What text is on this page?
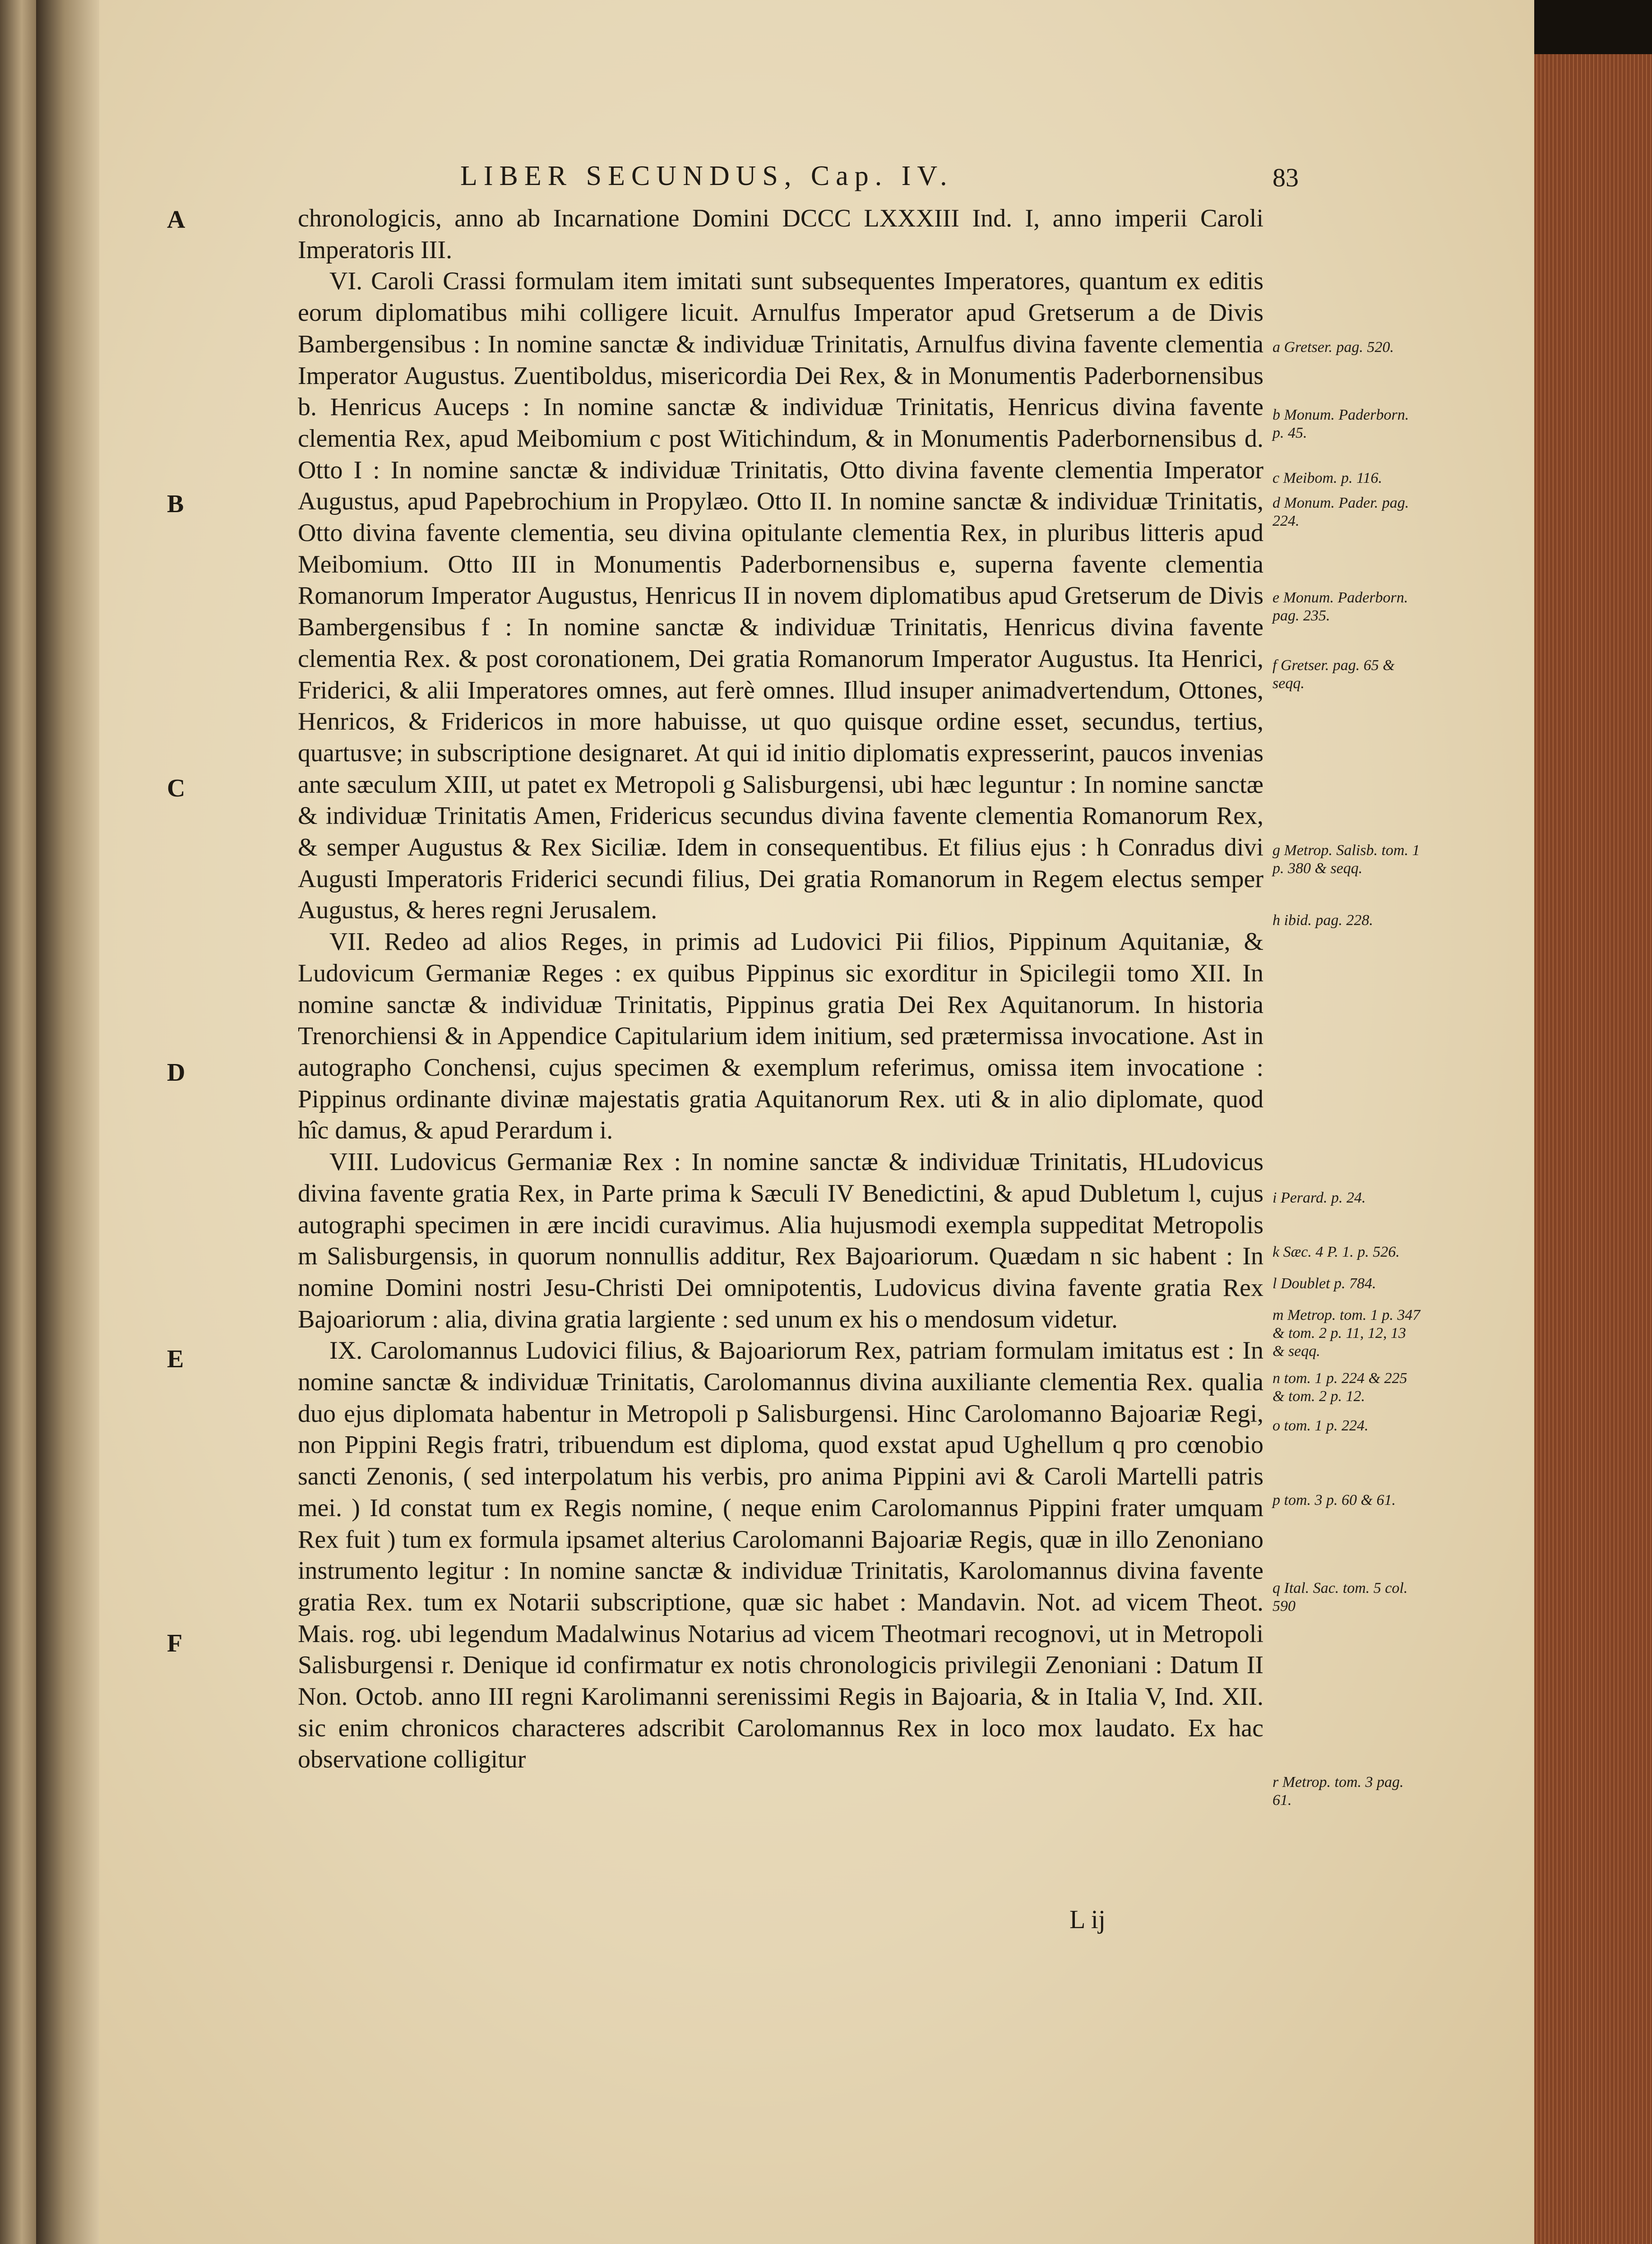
LIBER SECUNDUS, Cap. IV.	83
A
B
C
D
E
F

chronologicis, anno ab Incarnatione Domini DCCC LXXXIII Ind. I, anno imperii Caroli Imperatoris III.

VI. Caroli Crassi formulam item imitati sunt subsequentes Imperatores, quantum ex editis eorum diplomatibus mihi colligere licuit. Arnulfus Imperator apud Gretserum a de Divis Bambergensibus : In nomine sanctæ & individuæ Trinitatis, Arnulfus divina favente clementia Imperator Augustus. Zuentiboldus, misericordia Dei Rex, & in Monumentis Paderbornensibus b. Henricus Auceps : In nomine sanctæ & individuæ Trinitatis, Henricus divina favente clementia Rex, apud Meibomium c post Witichindum, & in Monumentis Paderbornensibus d. Otto I : In nomine sanctæ & individuæ Trinitatis, Otto divina favente clementia Imperator Augustus, apud Papebrochium in Propylæo. Otto II. In nomine sanctæ & individuæ Trinitatis, Otto divina favente clementia, seu divina opitulante clementia Rex, in pluribus litteris apud Meibomium. Otto III in Monumentis Paderbornensibus e, superna favente clementia Romanorum Imperator Augustus, Henricus II in novem diplomatibus apud Gretserum de Divis Bambergensibus f : In nomine sanctæ & individuæ Trinitatis, Henricus divina favente clementia Rex. & post coronationem, Dei gratia Romanorum Imperator Augustus. Ita Henrici, Friderici, & alii Imperatores omnes, aut ferè omnes. Illud insuper animadvertendum, Ottones, Henricos, & Fridericos in more habuisse, ut quo quisque ordine esset, secundus, tertius, quartusve; in subscriptione designaret. At qui id initio diplomatis expresserint, paucos invenias ante sæculum XIII, ut patet ex Metropoli g Salisburgensi, ubi hæc leguntur : In nomine sanctæ & individuæ Trinitatis Amen, Fridericus secundus divina favente clementia Romanorum Rex, & semper Augustus & Rex Siciliæ. Idem in consequentibus. Et filius ejus : h Conradus divi Augusti Imperatoris Friderici secundi filius, Dei gratia Romanorum in Regem electus semper Augustus, & heres regni Jerusalem.

VII. Redeo ad alios Reges, in primis ad Ludovici Pii filios, Pippinum Aquitaniæ, & Ludovicum Germaniæ Reges : ex quibus Pippinus sic exorditur in Spicilegii tomo XII. In nomine sanctæ & individuæ Trinitatis, Pippinus gratia Dei Rex Aquitanorum. In historia Trenorchiensi & in Appendice Capitularium idem initium, sed prætermissa invocatione. Ast in autographo Conchensi, cujus specimen & exemplum referimus, omissa item invocatione : Pippinus ordinante divinæ majestatis gratia Aquitanorum Rex. uti & in alio diplomate, quod hîc damus, & apud Perardum i.

VIII. Ludovicus Germaniæ Rex : In nomine sanctæ & individuæ Trinitatis, HLudovicus divina favente gratia Rex, in Parte prima k Sæculi IV Benedictini, & apud Dubletum l, cujus autographi specimen in ære incidi curavimus. Alia hujusmodi exempla suppeditat Metropolis m Salisburgensis, in quorum nonnullis additur, Rex Bajoariorum. Quædam n sic habent : In nomine Domini nostri Jesu-Christi Dei omnipotentis, Ludovicus divina favente gratia Rex Bajoariorum : alia, divina gratia largiente : sed unum ex his o mendosum videtur.

IX. Carolomannus Ludovici filius, & Bajoariorum Rex, patriam formulam imitatus est : In nomine sanctæ & individuæ Trinitatis, Carolomannus divina auxiliante clementia Rex. qualia duo ejus diplomata habentur in Metropoli p Salisburgensi. Hinc Carolomanno Bajoariæ Regi, non Pippini Regis fratri, tribuendum est diploma, quod exstat apud Ughellum q pro cœnobio sancti Zenonis, ( sed interpolatum his verbis, pro anima Pippini avi & Caroli Martelli patris mei. ) Id constat tum ex Regis nomine, ( neque enim Carolomannus Pippini frater umquam Rex fuit ) tum ex formula ipsamet alterius Carolomanni Bajoariæ Regis, quæ in illo Zenoniano instrumento legitur : In nomine sanctæ & individuæ Trinitatis, Karolomannus divina favente gratia Rex. tum ex Notarii subscriptione, quæ sic habet : Mandavin. Not. ad vicem Theot. Mais. rog. ubi legendum Madalwinus Notarius ad vicem Theotmari recognovi, ut in Metropoli Salisburgensi r. Denique id confirmatur ex notis chronologicis privilegii Zenoniani : Datum II Non. Octob. anno III regni Karolimanni serenissimi Regis in Bajoaria, & in Italia V, Ind. XII. sic enim chronicos characteres adscribit Carolomannus Rex in loco mox laudato. Ex hac observatione colligitur

a Gretser. pag. 520.
b Monum. Paderborn. p. 45.
c Meibom. p. 116.
d Monum. Pader. pag. 224.
e Monum. Paderborn. pag. 235.
f Gretser. pag. 65 & seqq.
g Metrop. Salisb. tom. 1 p. 380 & seqq.
h ibid. pag. 228.
i Perard. p. 24.
k Sæc. 4 P. 1. p. 526.
l Doublet p. 784.
m Metrop. tom. 1 p. 347 & tom. 2 p. 11, 12, 13 & seqq.
n tom. 1 p. 224 & 225 & tom. 2 p. 12.
o tom. 1 p. 224.
p tom. 3 p. 60 & 61.
q Ital. Sac. tom. 5 col. 590
r Metrop. tom. 3 pag. 61.
L ij
